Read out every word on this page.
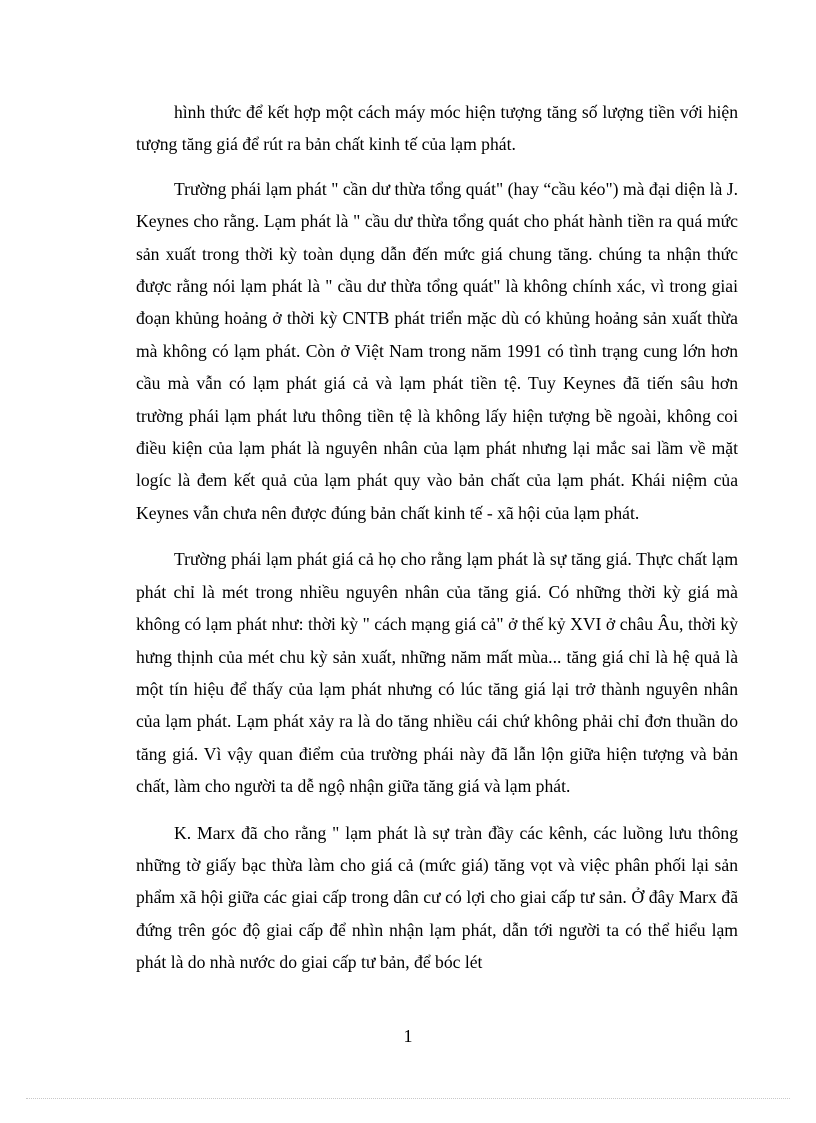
hình thức để kết hợp một cách máy móc hiện tượng tăng số lượng tiền với hiện tượng tăng giá để rút ra bản chất kinh tế của lạm phát.

Trường phái lạm phát " cần dư thừa tổng quát" (hay “cầu kéo") mà đại diện là J. Keynes cho rằng. Lạm phát là " cầu dư thừa tổng quát cho phát hành tiền ra quá mức sản xuất trong thời kỳ toàn dụng dẫn đến mức giá chung tăng. chúng ta nhận thức được rằng nói lạm phát là " cầu dư thừa tổng quát" là không chính xác, vì trong giai đoạn khủng hoảng ở thời kỳ CNTB phát triển mặc dù có khủng hoảng sản xuất thừa mà không có lạm phát. Còn ở Việt Nam trong năm 1991 có tình trạng cung lớn hơn cầu mà vẫn có lạm phát giá cả và lạm phát tiền tệ. Tuy Keynes đã tiến sâu hơn trường phái lạm phát lưu thông tiền tệ là không lấy hiện tượng bề ngoài, không coi điều kiện của lạm phát là nguyên nhân của lạm phát nhưng lại mắc sai lầm về mặt logíc là đem kết quả của lạm phát quy vào bản chất của lạm phát. Khái niệm của Keynes vẫn chưa nên được đúng bản chất kinh tế - xã hội của lạm phát.

Trường phái lạm phát giá cả họ cho rằng lạm phát là sự tăng giá. Thực chất lạm phát chỉ là mét trong nhiều nguyên nhân của tăng giá. Có những thời kỳ giá mà không có lạm phát như: thời kỳ " cách mạng giá cả" ở thế kỷ XVI ở châu Âu, thời kỳ hưng thịnh của mét chu kỳ sản xuất, những năm mất mùa... tăng giá chỉ là hệ quả là một tín hiệu để thấy của lạm phát nhưng có lúc tăng giá lại trở thành nguyên nhân của lạm phát. Lạm phát xảy ra là do tăng nhiều cái chứ không phải chỉ đơn thuần do tăng giá. Vì vậy quan điểm của trường phái này đã lẫn lộn giữa hiện tượng và bản chất, làm cho người ta dễ ngộ nhận giữa tăng giá và lạm phát.

K. Marx đã cho rằng " lạm phát là sự tràn đầy các kênh, các luồng lưu thông những tờ giấy bạc thừa làm cho giá cả (mức giá) tăng vọt và việc phân phối lại sản phẩm xã hội giữa các giai cấp trong dân cư có lợi cho giai cấp tư sản. Ở đây Marx đã đứng trên góc độ giai cấp để nhìn nhận lạm phát, dẫn tới người ta có thể hiểu lạm phát là do nhà nước do giai cấp tư bản, để bóc lét

1
